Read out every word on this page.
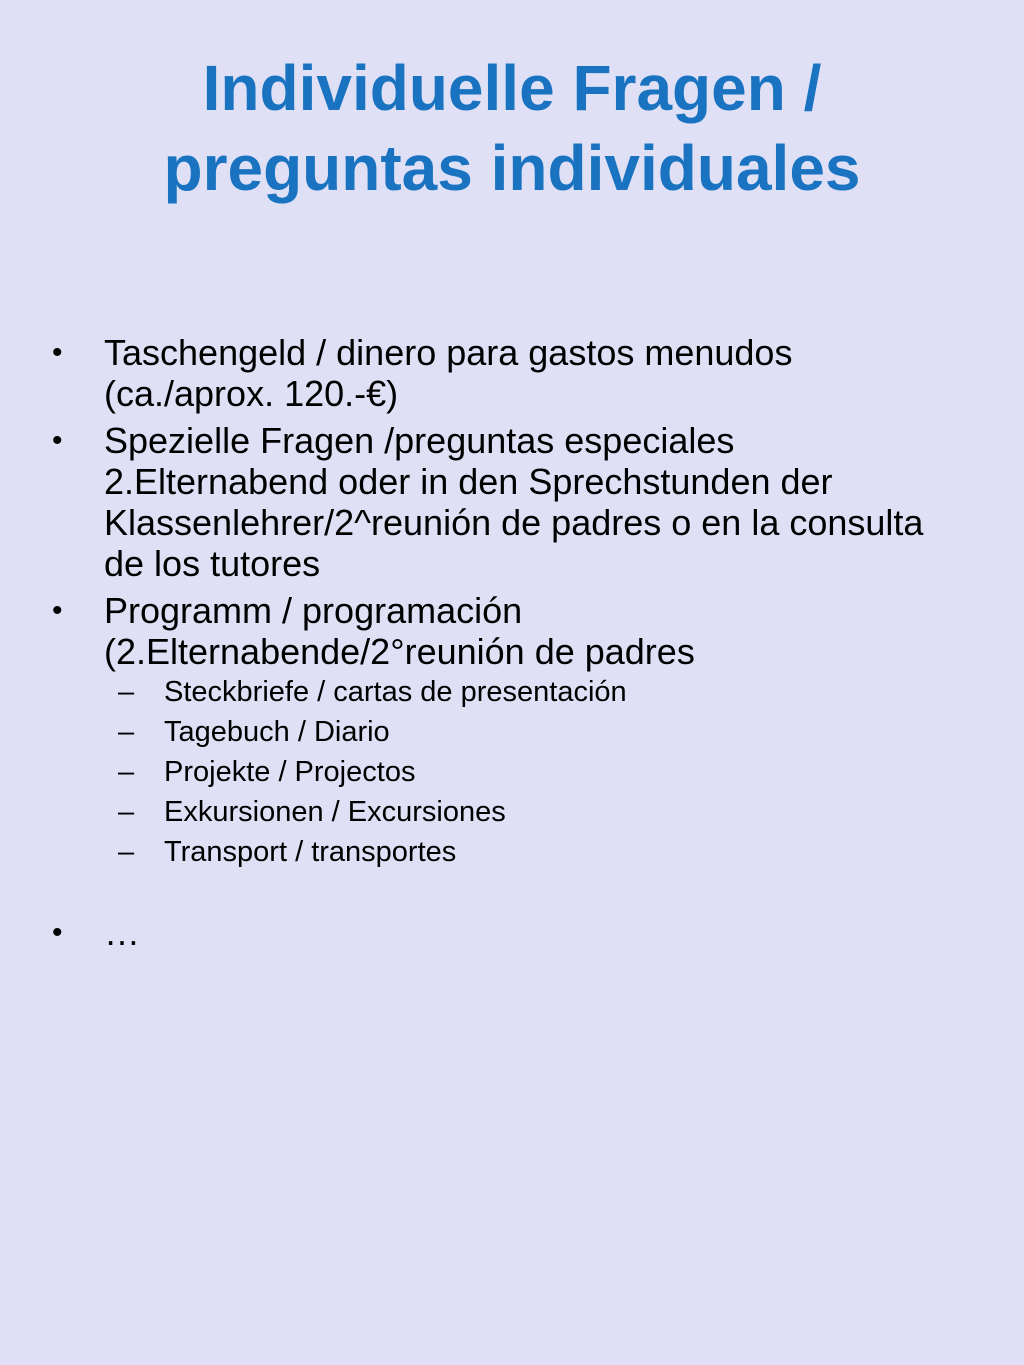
Individuelle Fragen /
preguntas individuales
•	Taschengeld / dinero para gastos menudos
(ca./aprox. 120.-€)
•	Spezielle Fragen /preguntas especiales
2.Elternabend oder in den Sprechstunden der
Klassenlehrer/2^reunión de padres o en la consulta
de los tutores
•	Programm / programación
(2.Elternabende/2°reunión de padres
– Steckbriefe / cartas de presentación
– Tagebuch / Diario
– Projekte / Projectos
– Exkursionen / Excursiones
– Transport / transportes
•	…
